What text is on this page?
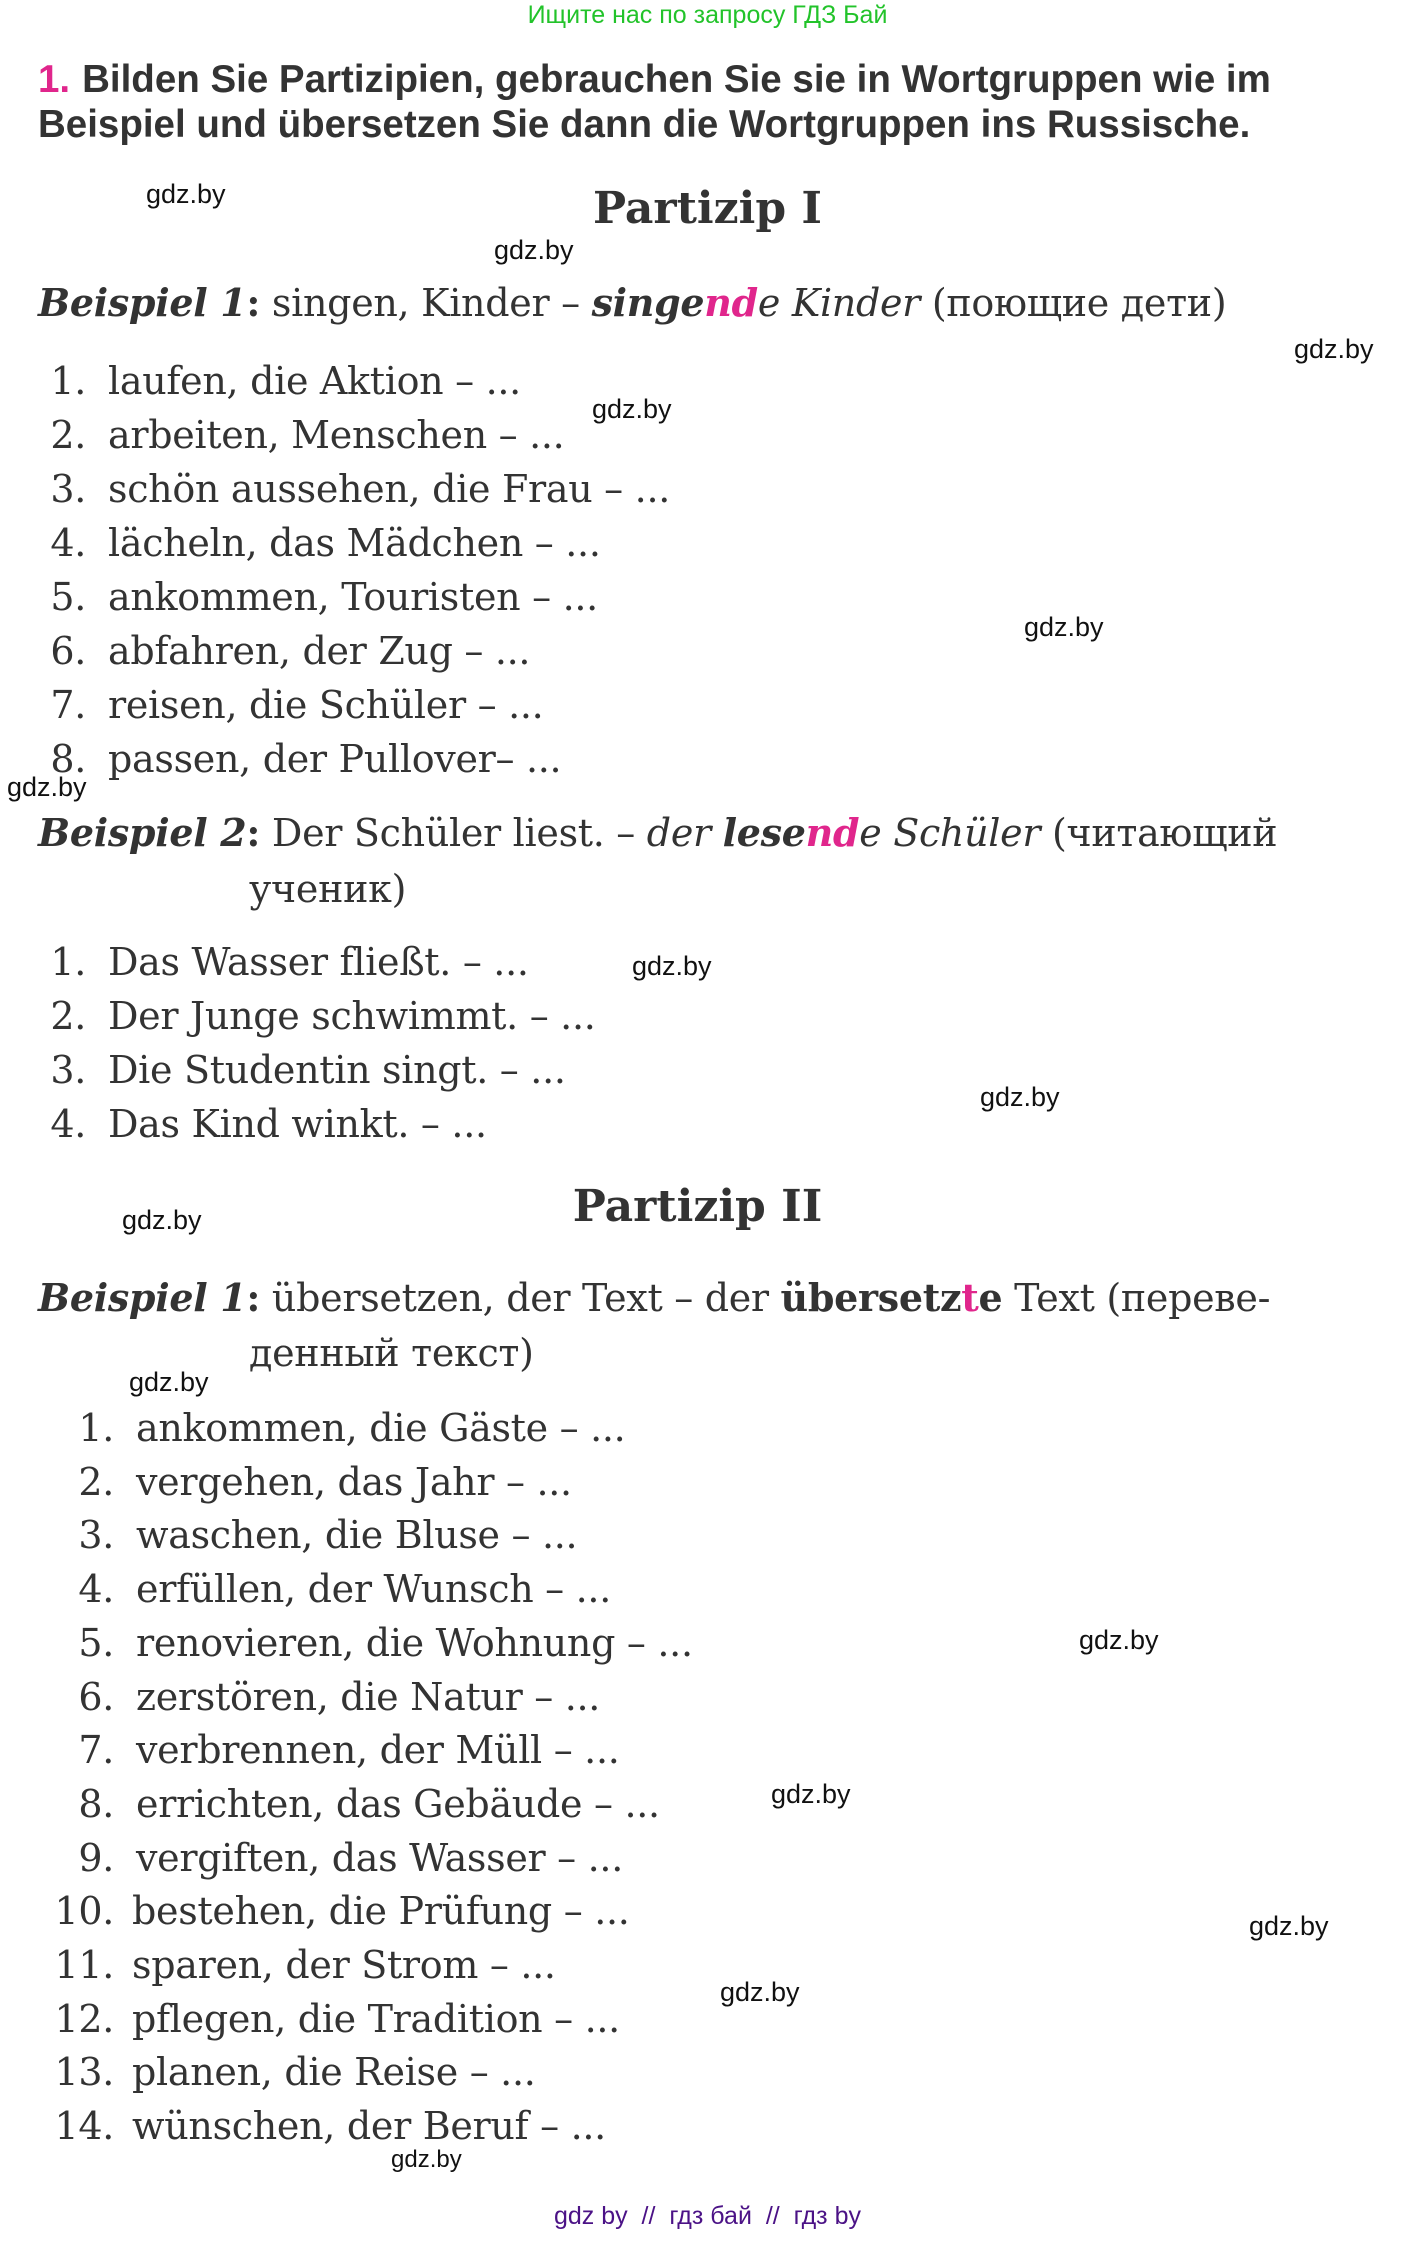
Ищите нас по запросу ГДЗ Бай
1. Bilden Sie Partizipien, gebrauchen Sie sie in Wortgruppen wie im
Beispiel und übersetzen Sie dann die Wortgruppen ins Russische.
Partizip I
Beispiel 1: singen, Kinder – singende Kinder (поющие дети)
1. laufen, die Aktion – ...
2. arbeiten, Menschen – ...
3. schön aussehen, die Frau – ...
4. lächeln, das Mädchen – ...
5. ankommen, Touristen – ...
6. abfahren, der Zug – ...
7. reisen, die Schüler – ...
8. passen, der Pullover– ...
Beispiel 2: Der Schüler liest. – der lesende Schüler (читающий
ученик)
1. Das Wasser fließt. – ...
2. Der Junge schwimmt. – ...
3. Die Studentin singt. – ...
4. Das Kind winkt. – ...
Partizip II
Beispiel 1: übersetzen, der Text – der übersetzte Text (переве-
денный текст)
1. ankommen, die Gäste – ...
2. vergehen, das Jahr – ...
3. waschen, die Bluse – ...
4. erfüllen, der Wunsch – ...
5. renovieren, die Wohnung – ...
6. zerstören, die Natur – ...
7. verbrennen, der Müll – ...
8. errichten, das Gebäude – ...
9. vergiften, das Wasser – ...
10. bestehen, die Prüfung – ...
11. sparen, der Strom – ...
12. pflegen, die Tradition – ...
13. planen, die Reise – ...
14. wünschen, der Beruf – ...
gdz.by
gdz.by
gdz.by
gdz.by
gdz.by
gdz.by
gdz.by
gdz.by
gdz.by
gdz.by
gdz.by
gdz.by
gdz.by
gdz.by
gdz.by
gdz by  //  гдз бай  //  гдз by
